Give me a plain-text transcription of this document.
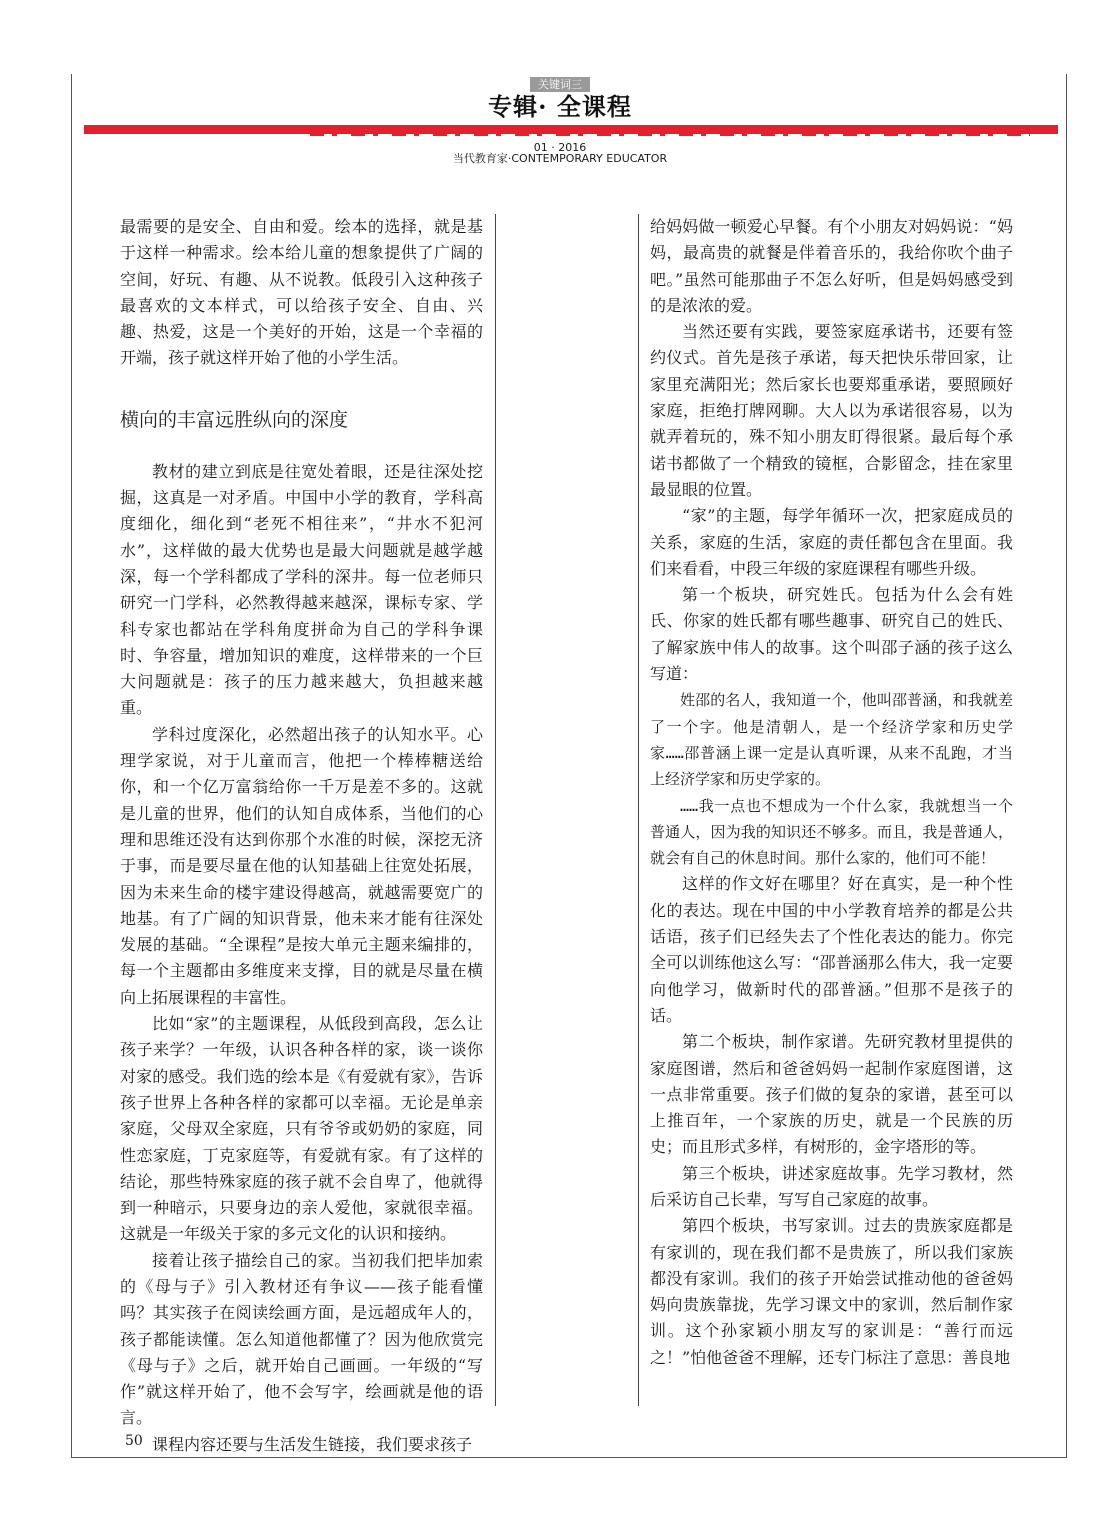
关键词三
专辑· 全课程
01 · 2016
当代教育家·CONTEMPORARY EDUCATOR

最需要的是安全、自由和爱。绘本的选择，就是基于这样一种需求。绘本给儿童的想象提供了广阔的空间，好玩、有趣、从不说教。低段引入这种孩子最喜欢的文本样式，可以给孩子安全、自由、兴趣、热爱，这是一个美好的开始，这是一个幸福的开端，孩子就这样开始了他的小学生活。

横向的丰富远胜纵向的深度

教材的建立到底是往宽处着眼，还是往深处挖掘，这真是一对矛盾。中国中小学的教育，学科高度细化，细化到“老死不相往来”，“井水不犯河水”，这样做的最大优势也是最大问题就是越学越深，每一个学科都成了学科的深井。每一位老师只研究一门学科，必然教得越来越深，课标专家、学科专家也都站在学科角度拼命为自己的学科争课时、争容量，增加知识的难度，这样带来的一个巨大问题就是：孩子的压力越来越大，负担越来越重。

学科过度深化，必然超出孩子的认知水平。心理学家说，对于儿童而言，他把一个棒棒糖送给你，和一个亿万富翁给你一千万是差不多的。这就是儿童的世界，他们的认知自成体系，当他们的心理和思维还没有达到你那个水准的时候，深挖无济于事，而是要尽量在他的认知基础上往宽处拓展，因为未来生命的楼宇建设得越高，就越需要宽广的地基。有了广阔的知识背景，他未来才能有往深处发展的基础。“全课程”是按大单元主题来编排的，每一个主题都由多维度来支撑，目的就是尽量在横向上拓展课程的丰富性。

比如“家”的主题课程，从低段到高段，怎么让孩子来学？一年级，认识各种各样的家，谈一谈你对家的感受。我们选的绘本是《有爱就有家》，告诉孩子世界上各种各样的家都可以幸福。无论是单亲家庭，父母双全家庭，只有爷爷或奶奶的家庭，同性恋家庭，丁克家庭等，有爱就有家。有了这样的结论，那些特殊家庭的孩子就不会自卑了，他就得到一种暗示，只要身边的亲人爱他，家就很幸福。这就是一年级关于家的多元文化的认识和接纳。

接着让孩子描绘自己的家。当初我们把毕加索的《母与子》引入教材还有争议——孩子能看懂吗？其实孩子在阅读绘画方面，是远超成年人的，孩子都能读懂。怎么知道他都懂了？因为他欣赏完《母与子》之后，就开始自己画画。一年级的“写作”就这样开始了，他不会写字，绘画就是他的语言。

课程内容还要与生活发生链接，我们要求孩子

给妈妈做一顿爱心早餐。有个小朋友对妈妈说：“妈妈，最高贵的就餐是伴着音乐的，我给你吹个曲子吧。”虽然可能那曲子不怎么好听，但是妈妈感受到的是浓浓的爱。

当然还要有实践，要签家庭承诺书，还要有签约仪式。首先是孩子承诺，每天把快乐带回家，让家里充满阳光；然后家长也要郑重承诺，要照顾好家庭，拒绝打牌网聊。大人以为承诺很容易，以为就弄着玩的，殊不知小朋友盯得很紧。最后每个承诺书都做了一个精致的镜框，合影留念，挂在家里最显眼的位置。

“家”的主题，每学年循环一次，把家庭成员的关系，家庭的生活，家庭的责任都包含在里面。我们来看看，中段三年级的家庭课程有哪些升级。

第一个板块，研究姓氏。包括为什么会有姓氏、你家的姓氏都有哪些趣事、研究自己的姓氏、了解家族中伟人的故事。这个叫邵子涵的孩子这么写道：

姓邵的名人，我知道一个，他叫邵普涵，和我就差了一个字。他是清朝人，是一个经济学家和历史学家……邵普涵上课一定是认真听课，从来不乱跑，才当上经济学家和历史学家的。

……我一点也不想成为一个什么家，我就想当一个普通人，因为我的知识还不够多。而且，我是普通人，就会有自己的休息时间。那什么家的，他们可不能！

这样的作文好在哪里？好在真实，是一种个性化的表达。现在中国的中小学教育培养的都是公共话语，孩子们已经失去了个性化表达的能力。你完全可以训练他这么写：“邵普涵那么伟大，我一定要向他学习，做新时代的邵普涵。”但那不是孩子的话。

第二个板块，制作家谱。先研究教材里提供的家庭图谱，然后和爸爸妈妈一起制作家庭图谱，这一点非常重要。孩子们做的复杂的家谱，甚至可以上推百年，一个家族的历史，就是一个民族的历史；而且形式多样，有树形的，金字塔形的等。

第三个板块，讲述家庭故事。先学习教材，然后采访自己长辈，写写自己家庭的故事。

第四个板块，书写家训。过去的贵族家庭都是有家训的，现在我们都不是贵族了，所以我们家族都没有家训。我们的孩子开始尝试推动他的爸爸妈妈向贵族靠拢，先学习课文中的家训，然后制作家训。这个孙家颖小朋友写的家训是：“善行而远之！”怕他爸爸不理解，还专门标注了意思：善良地

50
